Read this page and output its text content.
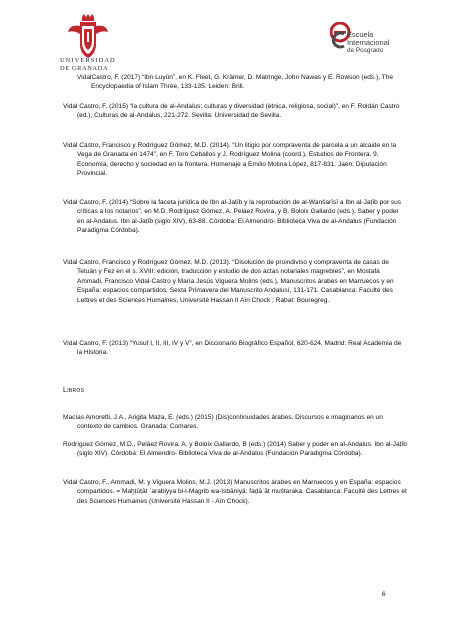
UNIVERSIDAD
DE GRANADA
Escuela
Internacional
de Posgrado

VidalCastro, F. (2017) “Ibn Luyūn”, en K. Fleet, G. Krämer, D. Matringe, John Nawas y E. Rowson (eds.), The Encyclopaedia of Islam Three, 133-135. Leiden: Brill.

Vidal Castro, F. (2015) “la cultura de al-Andalus: culturas y diversidad (étnica, religiosa, social)”, en F. Roldán Castro (ed.), Culturas de al-Andalus, 221-272. Sevilla: Universidad de Sevilla.

Vidal Castro, Francisco y Rodríguez Gómez, M.D. (2014). “Un litigio por compraventa de parcela a un alcaide en la Vega de Granada en 1474”, en F. Toro Ceballos y J. Rodríguez Molina (coord.), Estudios de Frontera. 9. Economía, derecho y sociedad en la frontera. Homenaje a Emilio Molina López, 817-831. Jaén: Diputación Provincial.

Vidal Castro, F. (2014) “Sobre la faceta jurídica de Ibn al-Jaṭīb y la reprobación de al-Wanšarīsī a Ibn al-Jaṭīb por sus críticas a los notarios”, en M.D. Rodríguez Gómez, A. Peláez Rovira, y B. Boloix Gallardo (eds.), Saber y poder en al-Andalus. Ibn al-Jaṭīb (siglo XIV), 63-88. Córdoba: El Almendro- Biblioteca Viva de al-Andalus (Fundación Paradigma Córdoba).

Vidal Castro, Francisco y Rodríguez Gómez, M.D. (2013). “Disolución de proindiviso y compraventa de casas de Tetuán y Fez en el s. XVIII: edición, traducción y estudio de dos actas notariales magrebíes”, en Mostafa Ammadi, Francisco Vidal-Castro y María Jesús Viguera Molins (eds.), Manuscritos árabes en Marruecos y en España: espacios compartidos. Sexta Primavera del Manuscrito Andalusí, 131-171. Casablanca: Faculté des Lettres et des Sciences Humaines, Université Hassan II Aïn Chock ; Rabat: Bouregreg.

Vidal Castro, F. (2013) “Yusuf I, II, III, IV y V”, en Diccionario Biográfico Español, 620-624. Madrid: Real Academia de la Historia.

Libros

Macías Amoretti, J.A., Arigita Maza, E. (eds.) (2015) (Dis)continuidades árabes. Discursos e imaginarios en un contexto de cambios. Granada: Comares.

Rodríguez Gómez, M.D., Peláez Rovira, A. y Boloix Gallardo, B (eds.) (2014) Saber y poder en al-Andalus. Ibn al-Jaṭīb (siglo XIV). Córdoba: El Almendro- Biblioteca Viva de al-Andalus (Fundación Paradigma Córdoba).

Vidal Castro, F., Ammadi, M. y Viguera Molins, M.J. (2013) Manuscritos árabes en Marruecos y en España: espacios compartidos. = Maḫṭūṭāt ʿarabiyya bi-l-Magrib wa-Isbāniyā: faḍāʾāt muštaraka. Casablanca: Faculté des Lettres et des Sciences Humaines (Université Hassan II - Aïn Chock).

6
